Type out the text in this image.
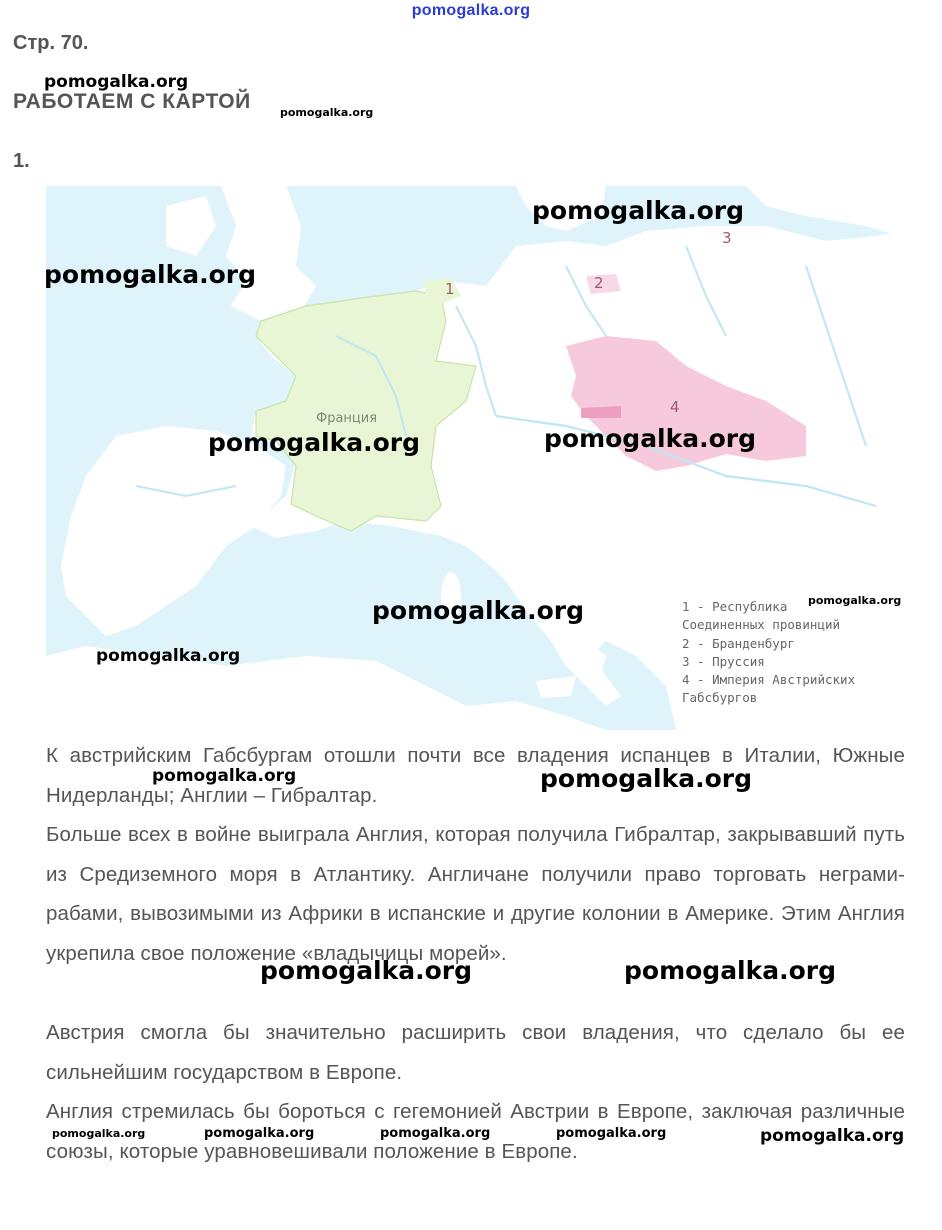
pomogalka.org
Стр. 70.
РАБОТАЕМ С КАРТОЙ
1.
Франция
1	2
3
4
1 - Республика
Соединенных провинций
2 - Бранденбург
3 - Пруссия
4 - Империя Австрийских
Габсбургов
К австрийским Габсбургам отошли почти все владения испанцев в Италии, Южные Нидерланды; Англии – Гибралтар.
Больше всех в войне выиграла Англия, которая получила Гибралтар, закрывавший путь из Средиземного моря в Атлантику. Англичане получили право торговать неграми-рабами, вывозимыми из Африки в испанские и другие колонии в Америке. Этим Англия укрепила свое положение «владычицы морей».
Австрия смогла бы значительно расширить свои владения, что сделало бы ее сильнейшим государством в Европе.
Англия стремилась бы бороться с гегемонией Австрии в Европе, заключая различные союзы, которые уравновешивали положение в Европе.
pomogalka.org
pomogalka.org
pomogalka.org
pomogalka.org
pomogalka.org	pomogalka.org
pomogalka.org
pomogalka.org
pomogalka.org
pomogalka.org	pomogalka.org
pomogalka.org	pomogalka.org
pomogalka.org	pomogalka.org	pomogalka.org	pomogalka.org	pomogalka.org
